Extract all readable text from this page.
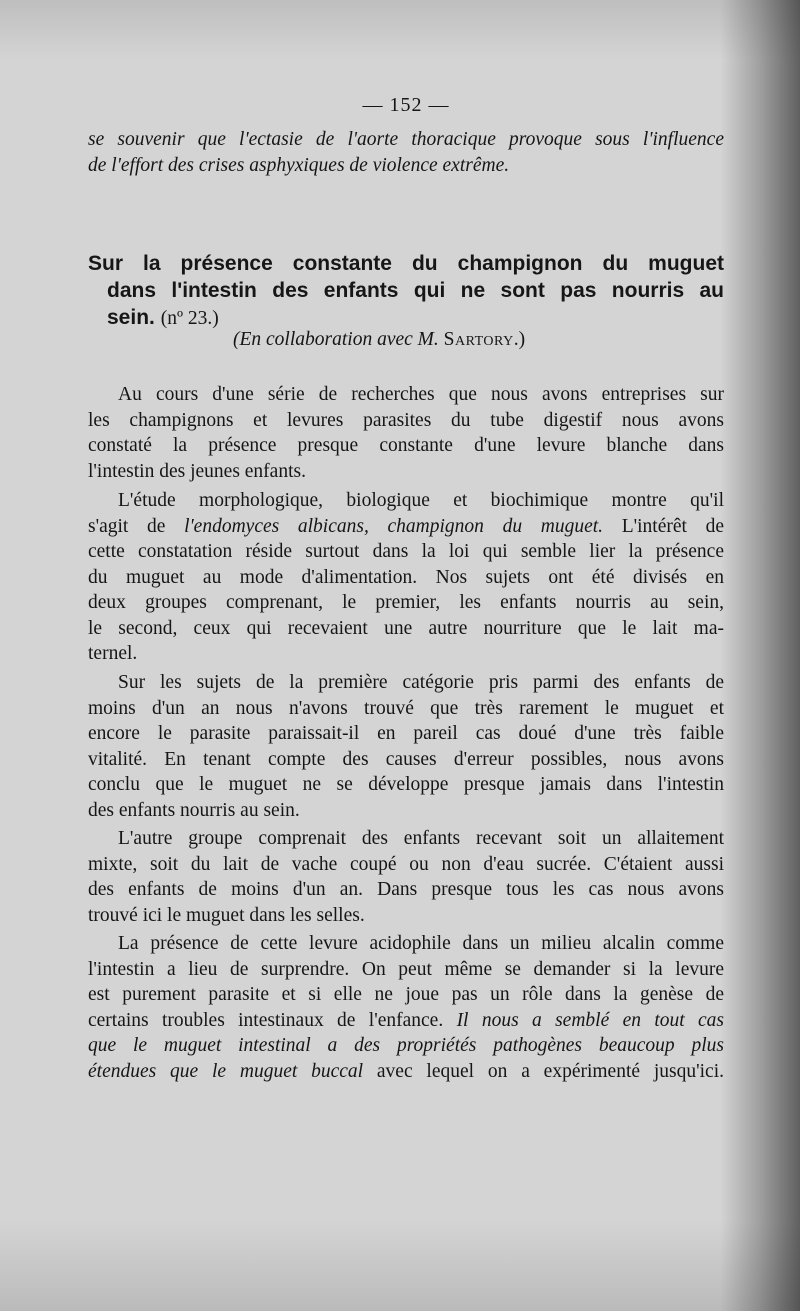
— 152 —
se souvenir que l'ectasie de l'aorte thoracique provoque sous l'influence
de l'effort des crises asphyxiques de violence extrême.
Sur la présence constante du champignon du muguet
dans l'intestin des enfants qui ne sont pas nourris au
sein. (nº 23.)
(En collaboration avec M. Sartory.)
Au cours d'une série de recherches que nous avons entreprises sur
les champignons et levures parasites du tube digestif nous avons
constaté la présence presque constante d'une levure blanche dans
l'intestin des jeunes enfants.
L'étude morphologique, biologique et biochimique montre qu'il
s'agit de l'endomyces albicans, champignon du muguet. L'intérêt de
cette constatation réside surtout dans la loi qui semble lier la présence
du muguet au mode d'alimentation. Nos sujets ont été divisés en
deux groupes comprenant, le premier, les enfants nourris au sein,
le second, ceux qui recevaient une autre nourriture que le lait ma-
ternel.
Sur les sujets de la première catégorie pris parmi des enfants de
moins d'un an nous n'avons trouvé que très rarement le muguet et
encore le parasite paraissait-il en pareil cas doué d'une très faible
vitalité. En tenant compte des causes d'erreur possibles, nous avons
conclu que le muguet ne se développe presque jamais dans l'intestin
des enfants nourris au sein.
L'autre groupe comprenait des enfants recevant soit un allaitement
mixte, soit du lait de vache coupé ou non d'eau sucrée. C'étaient aussi
des enfants de moins d'un an. Dans presque tous les cas nous avons
trouvé ici le muguet dans les selles.
La présence de cette levure acidophile dans un milieu alcalin comme
l'intestin a lieu de surprendre. On peut même se demander si la levure
est purement parasite et si elle ne joue pas un rôle dans la genèse de
certains troubles intestinaux de l'enfance. Il nous a semblé en tout cas
que le muguet intestinal a des propriétés pathogènes beaucoup plus
étendues que le muguet buccal avec lequel on a expérimenté jusqu'ici.
